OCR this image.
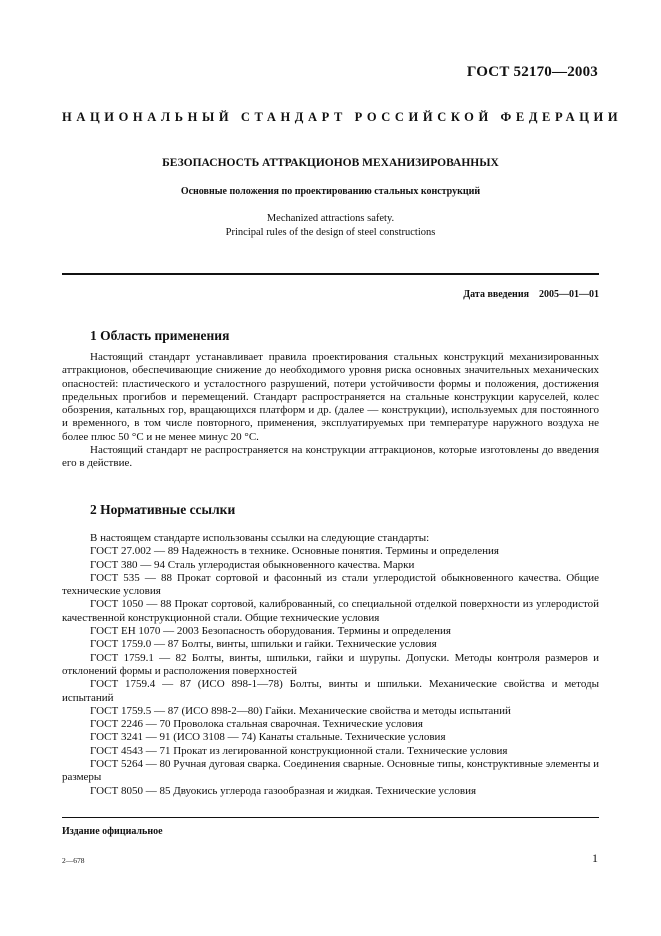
ГОСТ 52170—2003
НАЦИОНАЛЬНЫЙ СТАНДАРТ РОССИЙСКОЙ ФЕДЕРАЦИИ
БЕЗОПАСНОСТЬ АТТРАКЦИОНОВ МЕХАНИЗИРОВАННЫХ
Основные положения по проектированию стальных конструкций
Mechanized attractions safety.
Principal rules of the design of steel constructions
Дата введения 2005—01—01
1 Область применения

Настоящий стандарт устанавливает правила проектирования стальных конструкций механизированных аттракционов, обеспечивающие снижение до необходимого уровня риска основных значительных механических опасностей: пластического и усталостного разрушений, потери устойчивости формы и положения, достижения предельных прогибов и перемещений. Стандарт распространяется на стальные конструкции каруселей, колес обозрения, катальных гор, вращающихся платформ и др. (далее — конструкции), используемых для постоянного и временного, в том числе повторного, применения, эксплуатируемых при температуре наружного воздуха не более плюс 50 °С и не менее минус 20 °С.

Настоящий стандарт не распространяется на конструкции аттракционов, которые изготовлены до введения его в действие.

2 Нормативные ссылки

В настоящем стандарте использованы ссылки на следующие стандарты:

ГОСТ 27.002 — 89 Надежность в технике. Основные понятия. Термины и определения

ГОСТ 380 — 94 Сталь углеродистая обыкновенного качества. Марки

ГОСТ 535 — 88 Прокат сортовой и фасонный из стали углеродистой обыкновенного качества. Общие технические условия

ГОСТ 1050 — 88 Прокат сортовой, калиброванный, со специальной отделкой поверхности из углеродистой качественной конструкционной стали. Общие технические условия

ГОСТ ЕН 1070 — 2003 Безопасность оборудования. Термины и определения

ГОСТ 1759.0 — 87 Болты, винты, шпильки и гайки. Технические условия

ГОСТ 1759.1 — 82 Болты, винты, шпильки, гайки и шурупы. Допуски. Методы контроля размеров и отклонений формы и расположения поверхностей

ГОСТ 1759.4 — 87 (ИСО 898-1—78) Болты, винты и шпильки. Механические свойства и методы испытаний

ГОСТ 1759.5 — 87 (ИСО 898-2—80) Гайки. Механические свойства и методы испытаний

ГОСТ 2246 — 70 Проволока стальная сварочная. Технические условия

ГОСТ 3241 — 91 (ИСО 3108 — 74) Канаты стальные. Технические условия

ГОСТ 4543 — 71 Прокат из легированной конструкционной стали. Технические условия

ГОСТ 5264 — 80 Ручная дуговая сварка. Соединения сварные. Основные типы, конструктивные элементы и размеры

ГОСТ 8050 — 85 Двуокись углерода газообразная и жидкая. Технические условия

Издание официальное
2—678	1
